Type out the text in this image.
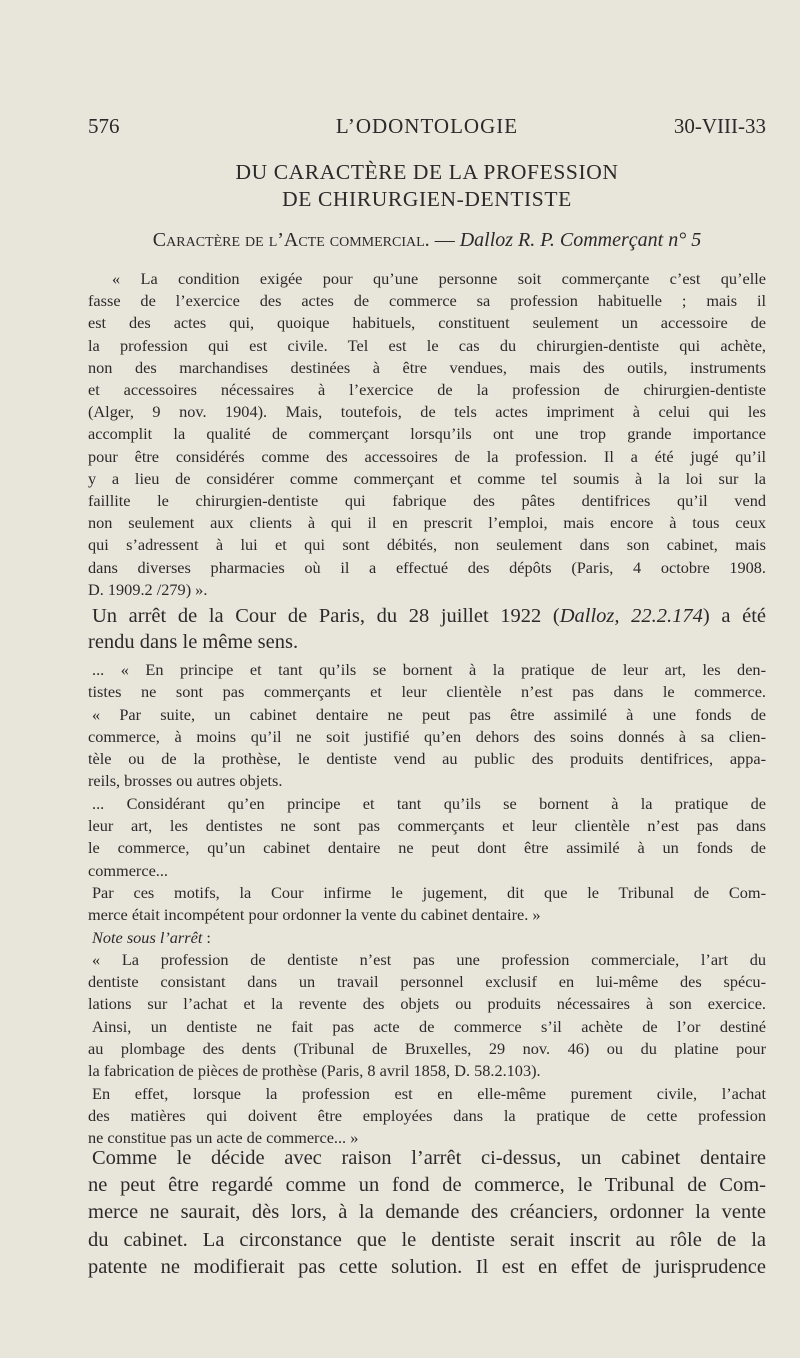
576	L’ODONTOLOGIE	30-VIII-33
DU CARACTÈRE DE LA PROFESSION
DE CHIRURGIEN-DENTISTE
Caractère de l’Acte commercial. — Dalloz R. P. Commerçant n° 5
« La condition exigée pour qu’une personne soit commerçante c’est qu’elle
fasse de l’exercice des actes de commerce sa profession habituelle ; mais il
est des actes qui, quoique habituels, constituent seulement un accessoire de
la profession qui est civile. Tel est le cas du chirurgien-dentiste qui achète,
non des marchandises destinées à être vendues, mais des outils, instruments
et accessoires nécessaires à l’exercice de la profession de chirurgien-dentiste
(Alger, 9 nov. 1904). Mais, toutefois, de tels actes impriment à celui qui les
accomplit la qualité de commerçant lorsqu’ils ont une trop grande importance
pour être considérés comme des accessoires de la profession. Il a été jugé qu’il
y a lieu de considérer comme commerçant et comme tel soumis à la loi sur la
faillite le chirurgien-dentiste qui fabrique des pâtes dentifrices qu’il vend
non seulement aux clients à qui il en prescrit l’emploi, mais encore à tous ceux
qui s’adressent à lui et qui sont débités, non seulement dans son cabinet, mais
dans diverses pharmacies où il a effectué des dépôts (Paris, 4 octobre 1908.
D. 1909.2 /279) ».
Un arrêt de la Cour de Paris, du 28 juillet 1922 (Dalloz, 22.2.174) a été
rendu dans le même sens.
... « En principe et tant qu’ils se bornent à la pratique de leur art, les den-
tistes ne sont pas commerçants et leur clientèle n’est pas dans le commerce.
« Par suite, un cabinet dentaire ne peut pas être assimilé à une fonds de
commerce, à moins qu’il ne soit justifié qu’en dehors des soins donnés à sa clien-
tèle ou de la prothèse, le dentiste vend au public des produits dentifrices, appa-
reils, brosses ou autres objets.
... Considérant qu’en principe et tant qu’ils se bornent à la pratique de
leur art, les dentistes ne sont pas commerçants et leur clientèle n’est pas dans
le commerce, qu’un cabinet dentaire ne peut dont être assimilé à un fonds de
commerce...
Par ces motifs, la Cour infirme le jugement, dit que le Tribunal de Com-
merce était incompétent pour ordonner la vente du cabinet dentaire. »
Note sous l’arrêt :
« La profession de dentiste n’est pas une profession commerciale, l’art du
dentiste consistant dans un travail personnel exclusif en lui-même des spécu-
lations sur l’achat et la revente des objets ou produits nécessaires à son exercice.
Ainsi, un dentiste ne fait pas acte de commerce s’il achète de l’or destiné
au plombage des dents (Tribunal de Bruxelles, 29 nov. 46) ou du platine pour
la fabrication de pièces de prothèse (Paris, 8 avril 1858, D. 58.2.103).
En effet, lorsque la profession est en elle-même purement civile, l’achat
des matières qui doivent être employées dans la pratique de cette profession
ne constitue pas un acte de commerce... »
Comme le décide avec raison l’arrêt ci-dessus, un cabinet dentaire
ne peut être regardé comme un fond de commerce, le Tribunal de Com-
merce ne saurait, dès lors, à la demande des créanciers, ordonner la vente
du cabinet. La circonstance que le dentiste serait inscrit au rôle de la
patente ne modifierait pas cette solution. Il est en effet de jurisprudence
